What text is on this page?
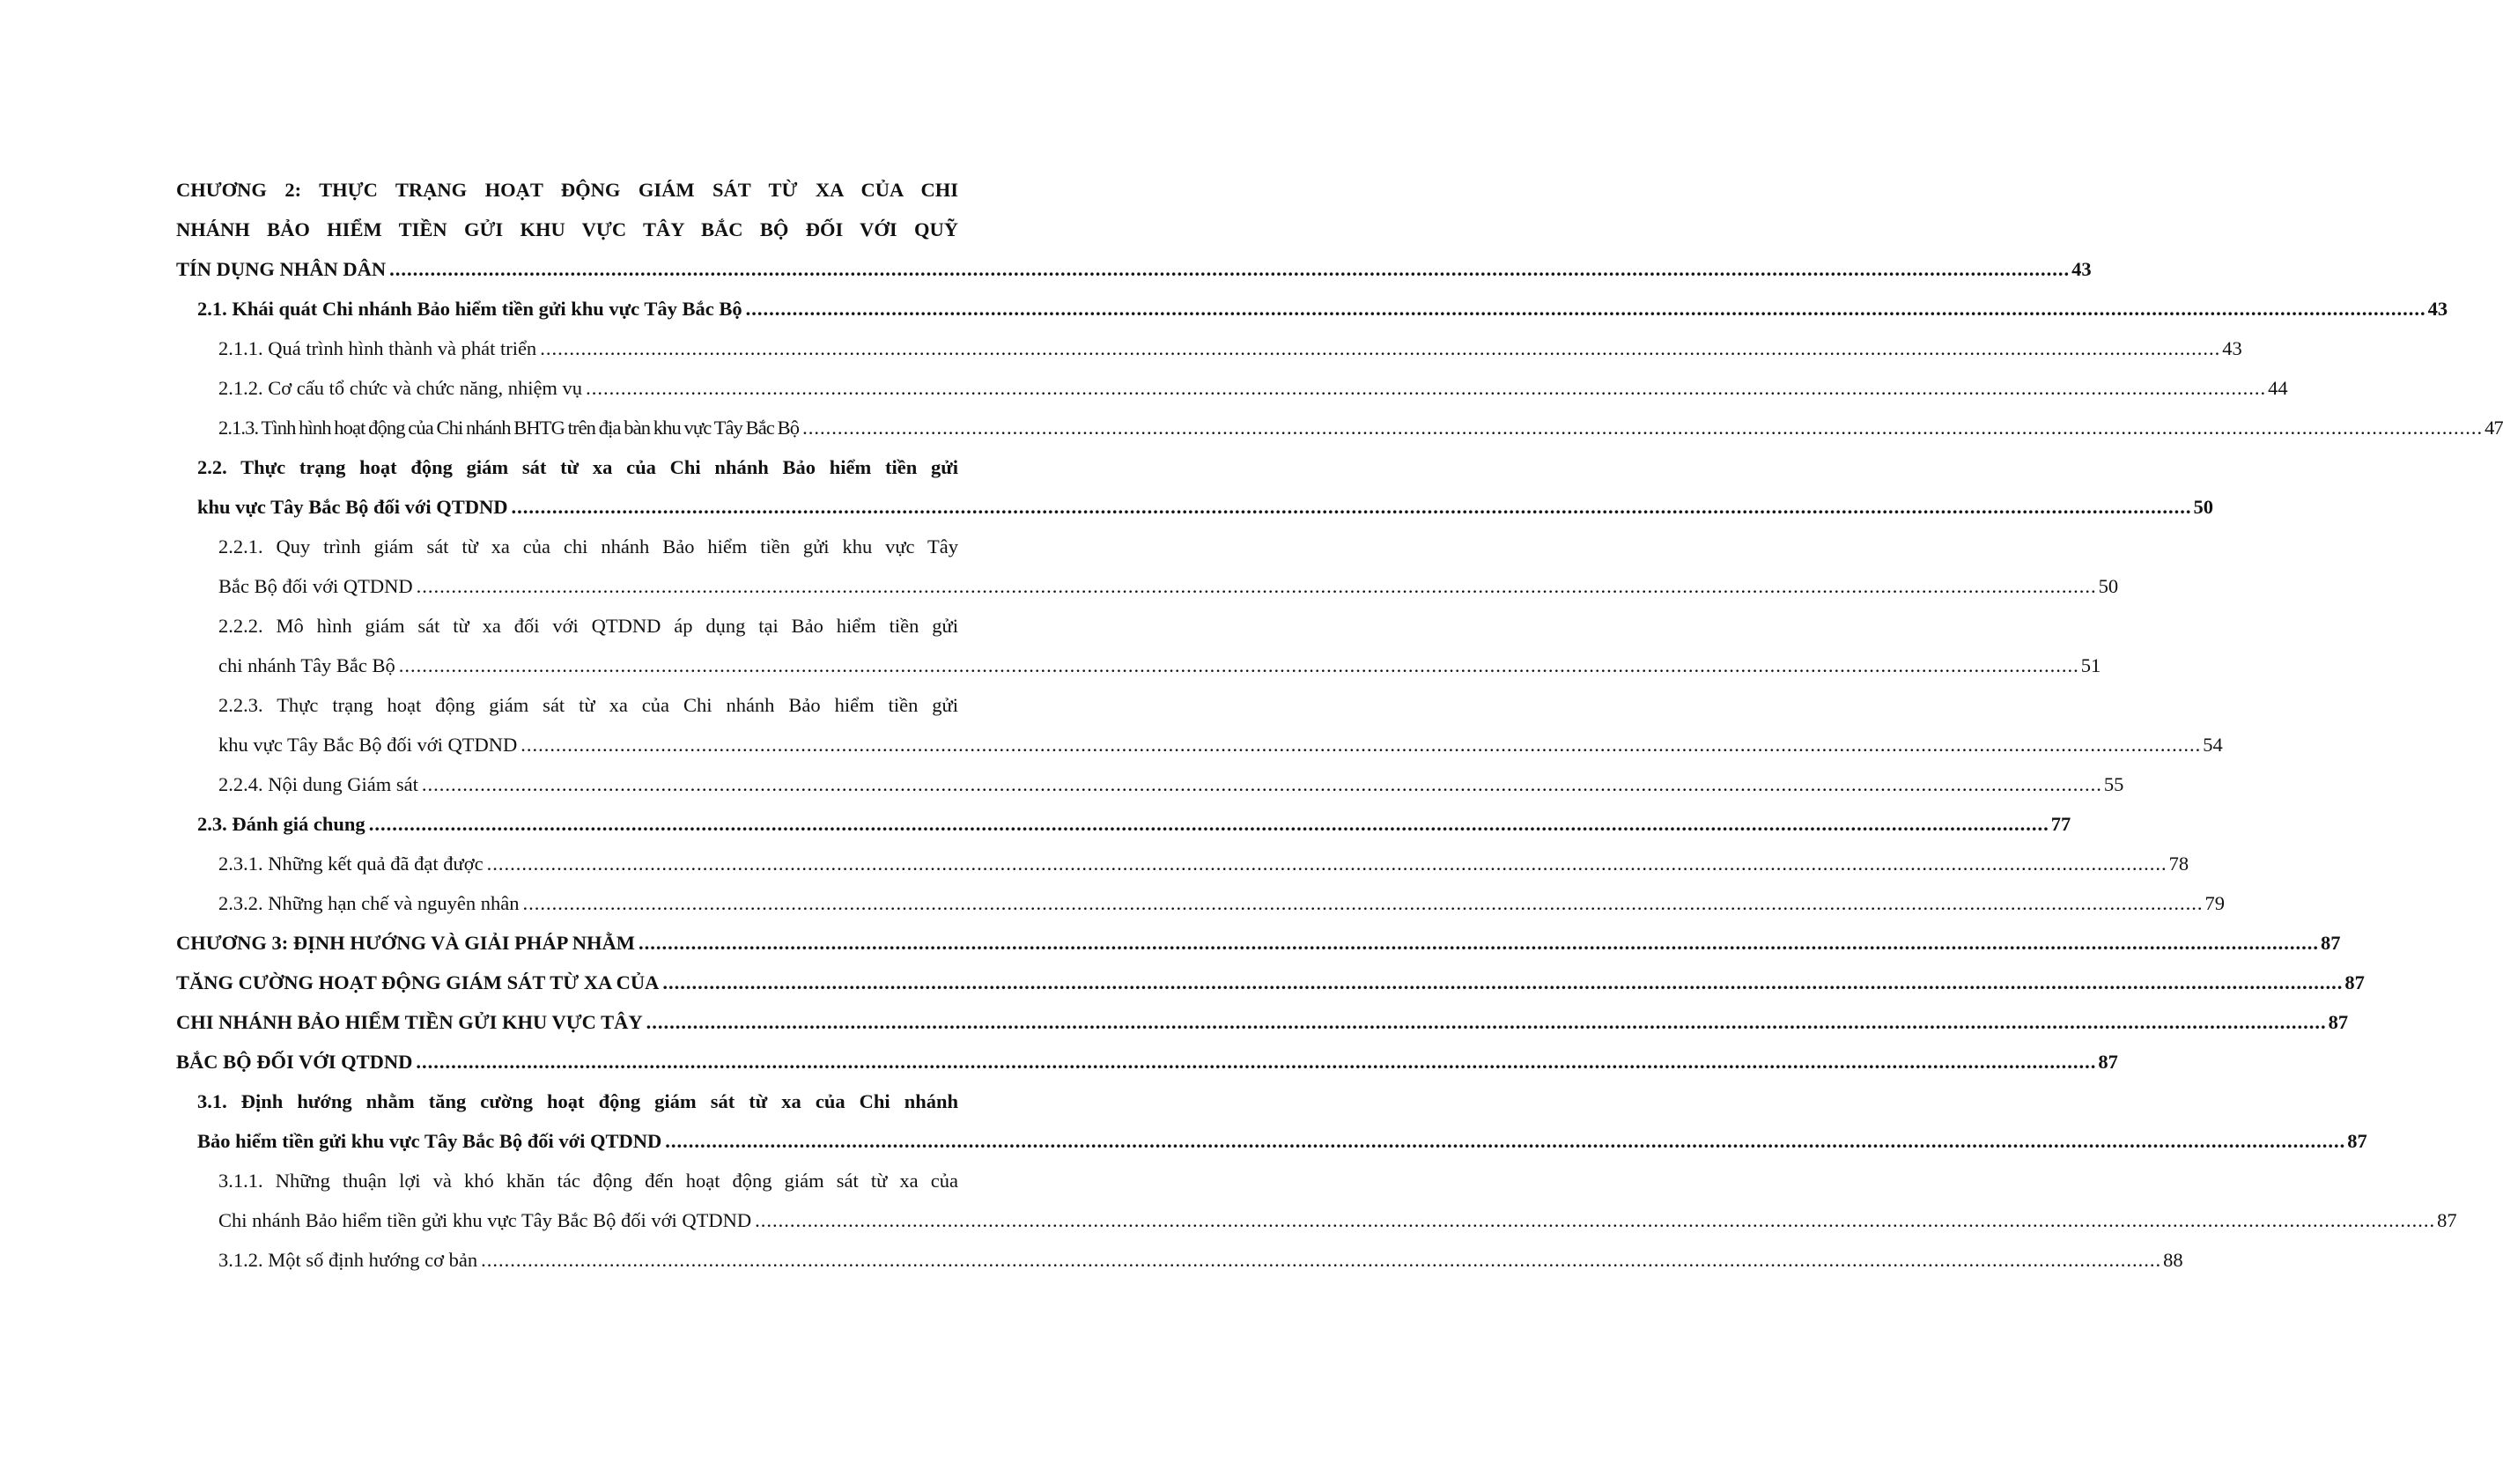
CHƯƠNG 2: THỰC TRẠNG HOẠT ĐỘNG GIÁM SÁT TỪ XA CỦA CHI
NHÁNH BẢO HIỂM TIỀN GỬI KHU VỰC TÂY BẮC BỘ ĐỐI VỚI QUỸ
TÍN DỤNG NHÂN DÂN .....	43
2.1. Khái quát Chi nhánh Bảo hiểm tiền gửi khu vực Tây Bắc Bộ .....	43
2.1.1. Quá trình hình thành và phát triển .....	43
2.1.2. Cơ cấu tổ chức và chức năng, nhiệm vụ .....	44
2.1.3. Tình hình hoạt động của Chi nhánh BHTG trên địa bàn khu vực Tây Bắc Bộ .....	47
2.2. Thực trạng hoạt động giám sát từ xa của Chi nhánh Bảo hiểm tiền gửi
khu vực Tây Bắc Bộ đối với QTDND .....	50
2.2.1. Quy trình giám sát từ xa của chi nhánh Bảo hiểm tiền gửi khu vực Tây
Bắc Bộ đối với QTDND .....	50
2.2.2. Mô hình giám sát từ xa đối với QTDND áp dụng tại Bảo hiểm tiền gửi
chi nhánh Tây Bắc Bộ .....	51
2.2.3. Thực trạng hoạt động giám sát từ xa của Chi nhánh Bảo hiểm tiền gửi
khu vực Tây Bắc Bộ đối với QTDND .....	54
2.2.4. Nội dung Giám sát .....	55
2.3. Đánh giá chung .....	77
2.3.1. Những kết quả đã đạt được .....	78
2.3.2. Những hạn chế và nguyên nhân .....	79
CHƯƠNG 3: ĐỊNH HƯỚNG VÀ GIẢI PHÁP NHẰM .....	87
TĂNG CƯỜNG HOẠT ĐỘNG GIÁM SÁT TỪ XA CỦA .....	87
CHI NHÁNH BẢO HIỂM TIỀN GỬI KHU VỰC TÂY .....	87
BẮC BỘ ĐỐI VỚI QTDND .....	87
3.1. Định hướng nhằm tăng cường hoạt động giám sát từ xa của Chi nhánh
Bảo hiểm tiền gửi khu vực Tây Bắc Bộ đối với QTDND .....	87
3.1.1. Những thuận lợi và khó khăn tác động đến hoạt động giám sát từ xa của
Chi nhánh Bảo hiểm tiền gửi khu vực Tây Bắc Bộ đối với QTDND .....	87
3.1.2. Một số định hướng cơ bản .....	88
